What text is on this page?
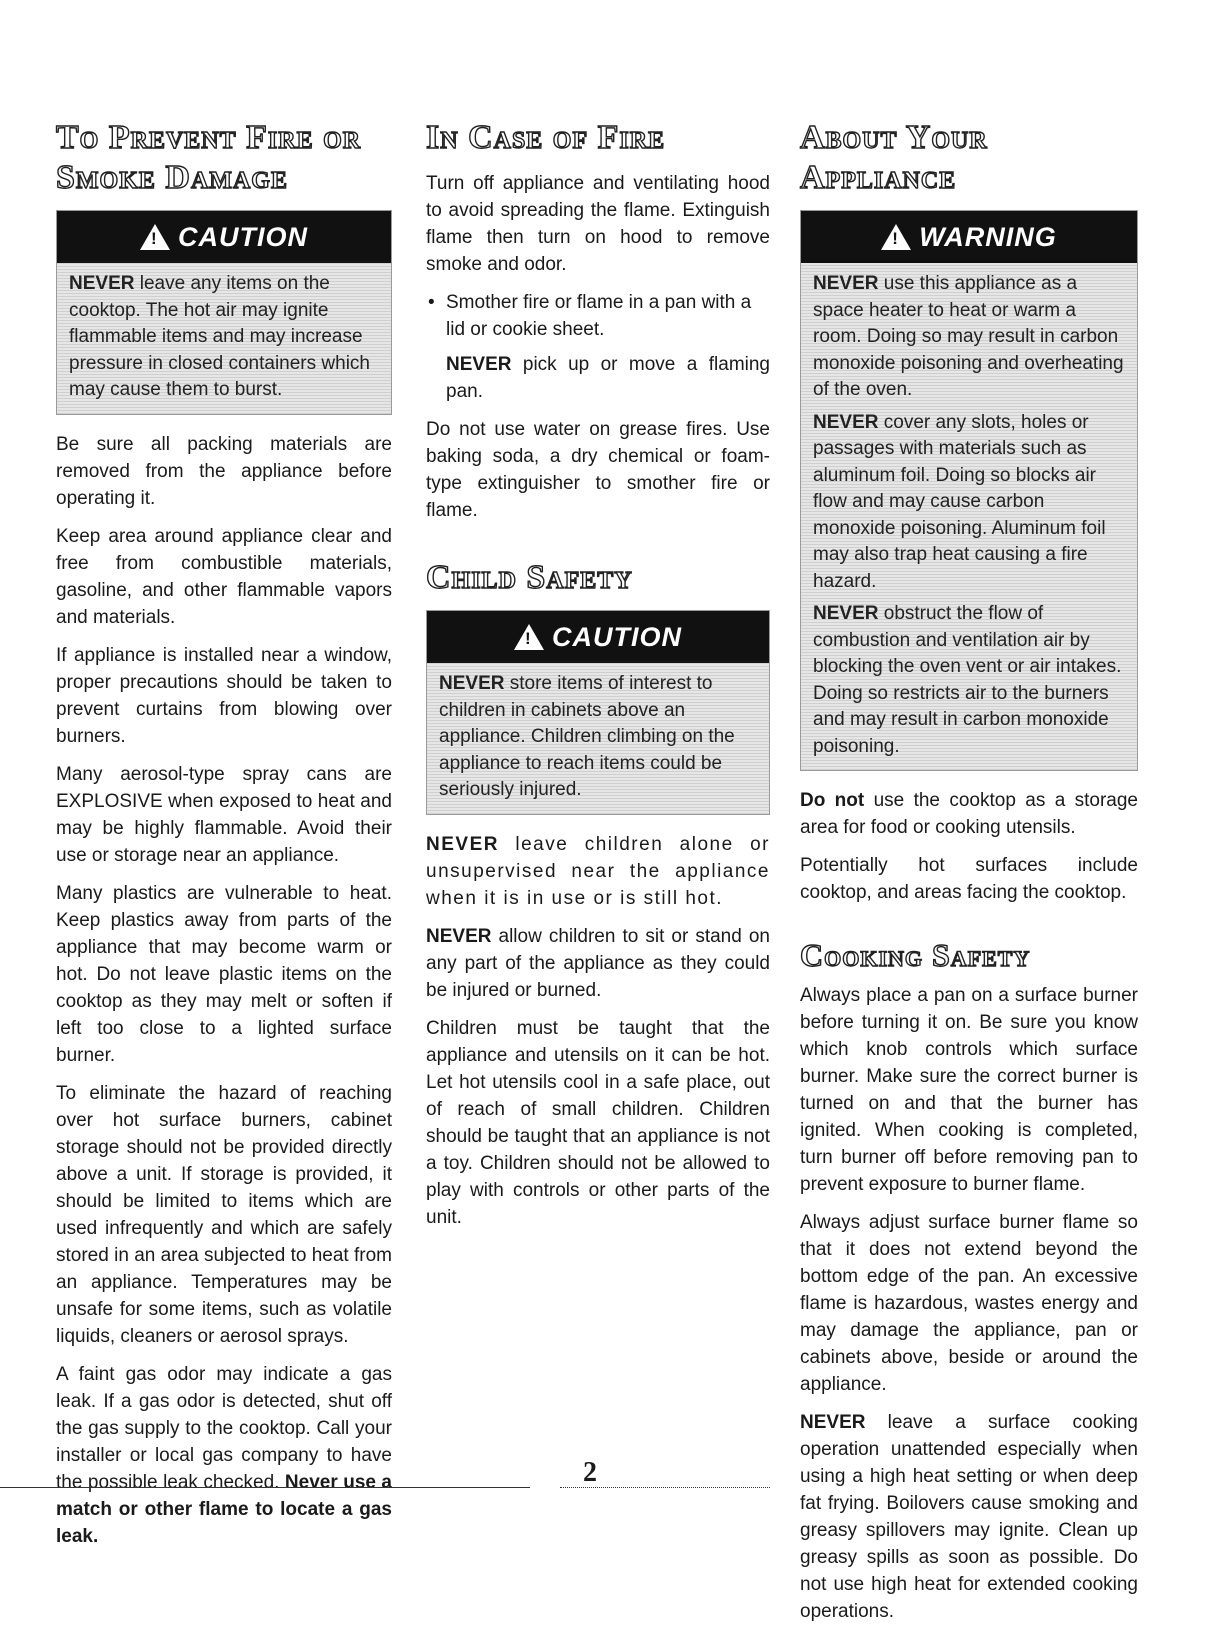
To Prevent Fire or
Smoke Damage
!
CAUTION
NEVER leave any items on the cooktop. The hot air may ignite flammable items and may increase pressure in closed containers which may cause them to burst.

Be sure all packing materials are removed from the appliance before operating it.

Keep area around appliance clear and free from combustible materials, gasoline, and other flammable vapors and materials.

If appliance is installed near a window, proper precautions should be taken to prevent curtains from blowing over burners.

Many aerosol-type spray cans are EXPLOSIVE when exposed to heat and may be highly flammable. Avoid their use or storage near an appliance.

Many plastics are vulnerable to heat. Keep plastics away from parts of the appliance that may become warm or hot. Do not leave plastic items on the cooktop as they may melt or soften if left too close to a lighted surface burner.

To eliminate the hazard of reaching over hot surface burners, cabinet storage should not be provided directly above a unit. If storage is provided, it should be limited to items which are used infrequently and which are safely stored in an area subjected to heat from an appliance. Temperatures may be unsafe for some items, such as volatile liquids, cleaners or aerosol sprays.

A faint gas odor may indicate a gas leak. If a gas odor is detected, shut off the gas supply to the cooktop. Call your installer or local gas company to have the possible leak checked. Never use a match or other flame to locate a gas leak.

In Case of Fire

Turn off appliance and ventilating hood to avoid spreading the flame. Extinguish flame then turn on hood to remove smoke and odor.

• Smother fire or flame in a pan with a lid or cookie sheet.

NEVER pick up or move a flaming pan.

Do not use water on grease fires. Use baking soda, a dry chemical or foam-type extinguisher to smother fire or flame.

Child Safety
!
CAUTION
NEVER store items of interest to children in cabinets above an appliance. Children climbing on the appliance to reach items could be seriously injured.

NEVER leave children alone or unsupervised near the appliance when it is in use or is still hot.

NEVER allow children to sit or stand on any part of the appliance as they could be injured or burned.

Children must be taught that the appliance and utensils on it can be hot. Let hot utensils cool in a safe place, out of reach of small children. Children should be taught that an appliance is not a toy. Children should not be allowed to play with controls or other parts of the unit.

About Your
Appliance
!
WARNING
NEVER use this appliance as a space heater to heat or warm a room. Doing so may result in carbon monoxide poisoning and overheating of the oven.
NEVER cover any slots, holes or passages with materials such as aluminum foil. Doing so blocks air flow and may cause carbon monoxide poisoning. Aluminum foil may also trap heat causing a fire hazard.
NEVER obstruct the flow of combustion and ventilation air by blocking the oven vent or air intakes. Doing so restricts air to the burners and may result in carbon monoxide poisoning.

Do not use the cooktop as a storage area for food or cooking utensils.

Potentially hot surfaces include cooktop, and areas facing the cooktop.

Cooking Safety

Always place a pan on a surface burner before turning it on. Be sure you know which knob controls which surface burner. Make sure the correct burner is turned on and that the burner has ignited. When cooking is completed, turn burner off before removing pan to prevent exposure to burner flame.

Always adjust surface burner flame so that it does not extend beyond the bottom edge of the pan. An excessive flame is hazardous, wastes energy and may damage the appliance, pan or cabinets above, beside or around the appliance.

NEVER leave a surface cooking operation unattended especially when using a high heat setting or when deep fat frying. Boilovers cause smoking and greasy spillovers may ignite. Clean up greasy spills as soon as possible. Do not use high heat for extended cooking operations.

2
